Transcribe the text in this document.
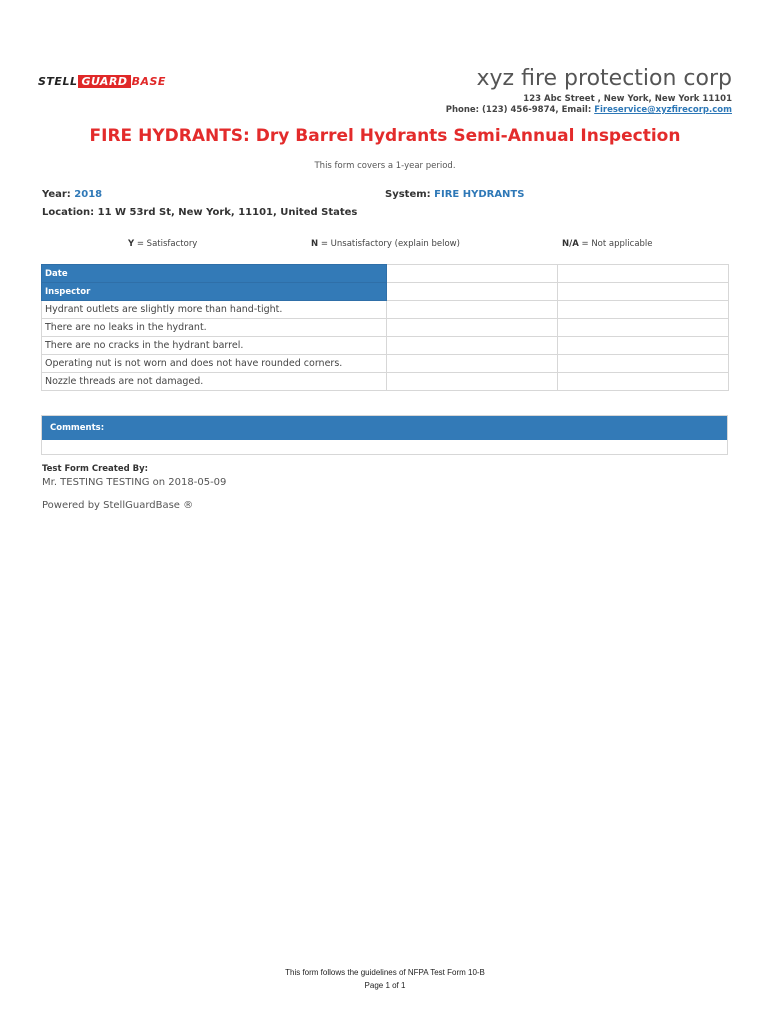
STELL GUARD BASE	xyz fire protection corp
123 Abc Street , New York, New York 11101
Phone: (123) 456-9874, Email: Fireservice@xyzfirecorp.com
FIRE HYDRANTS: Dry Barrel Hydrants Semi-Annual Inspection
This form covers a 1-year period.
Year: 2018	System: FIRE HYDRANTS
Location: 11 W 53rd St, New York, 11101, United States
Y = Satisfactory	N = Unsatisfactory (explain below)	N/A = Not applicable
Date		
Inspector		
Hydrant outlets are slightly more than hand-tight.		
There are no leaks in the hydrant.		
There are no cracks in the hydrant barrel.		
Operating nut is not worn and does not have rounded corners.		
Nozzle threads are not damaged.		
Comments:
Test Form Created By:
Mr. TESTING TESTING on 2018-05-09
Powered by StellGuardBase ®
This form follows the guidelines of NFPA Test Form 10-B
Page 1 of 1
